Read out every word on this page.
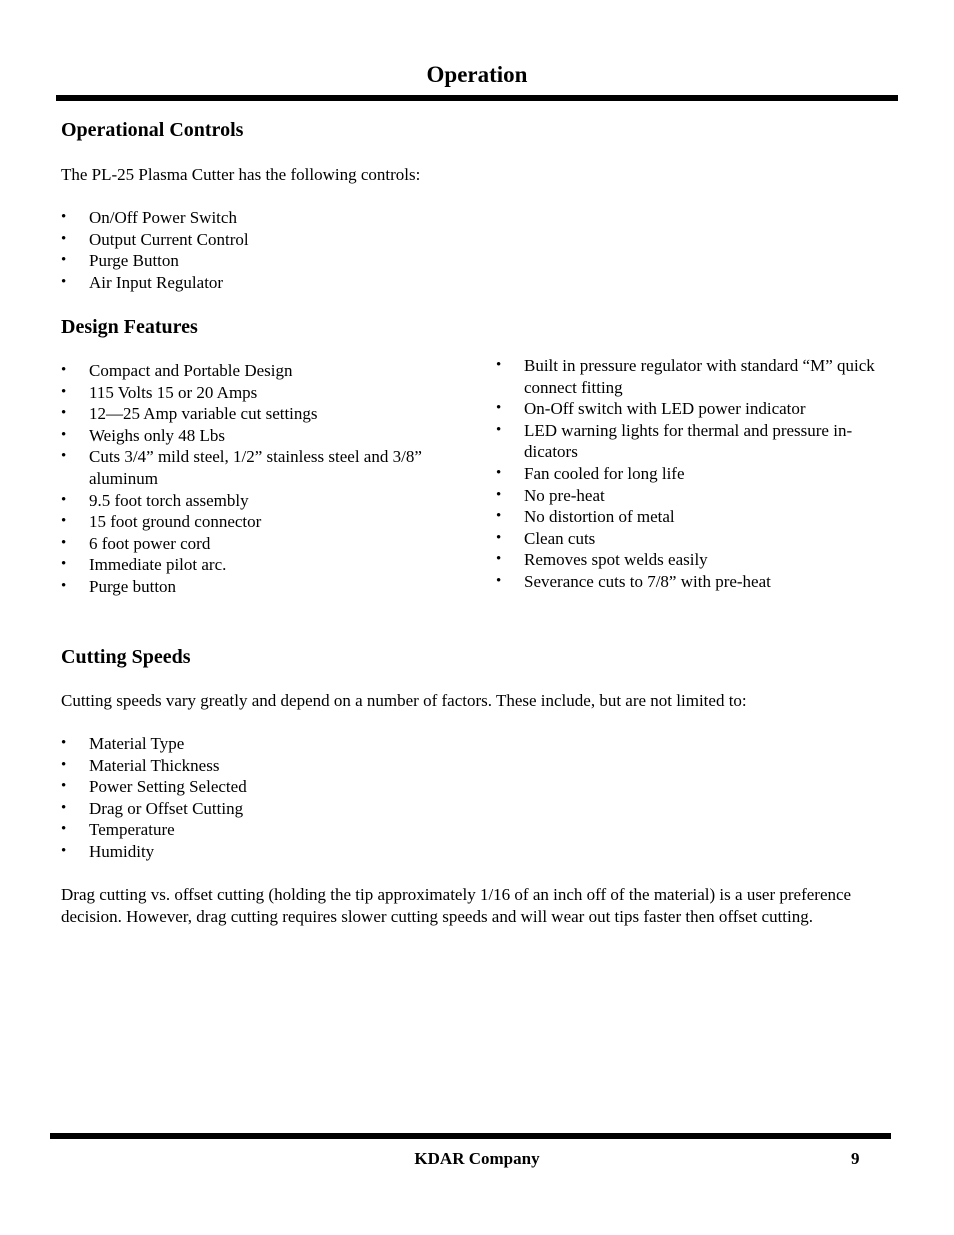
Operation
Operational Controls
The PL-25 Plasma Cutter has the following controls:
• On/Off Power Switch
• Output Current Control
• Purge Button
• Air Input Regulator
Design Features
• Compact and Portable Design
• 115 Volts 15 or 20 Amps
• 12—25 Amp variable cut settings
• Weighs only 48 Lbs
• Cuts 3/4” mild steel, 1/2” stainless steel and 3/8” aluminum
• 9.5 foot torch assembly
• 15 foot ground connector
• 6 foot power cord
• Immediate pilot arc.
• Purge button
• Built in pressure regulator with standard “M” quick connect fitting
• On-Off switch with LED power indicator
• LED warning lights for thermal and pressure in-dicators
• Fan cooled for long life
• No pre-heat
• No distortion of metal
• Clean cuts
• Removes spot welds easily
• Severance cuts to 7/8” with pre-heat
Cutting Speeds
Cutting speeds vary greatly and depend on a number of factors. These include, but are not limited to:
• Material Type
• Material Thickness
• Power Setting Selected
• Drag or Offset Cutting
• Temperature
• Humidity
Drag cutting vs. offset cutting (holding the tip approximately 1/16 of an inch off of the material) is a user preference decision. However, drag cutting requires slower cutting speeds and will wear out tips faster then offset cutting.
KDAR Company	9
